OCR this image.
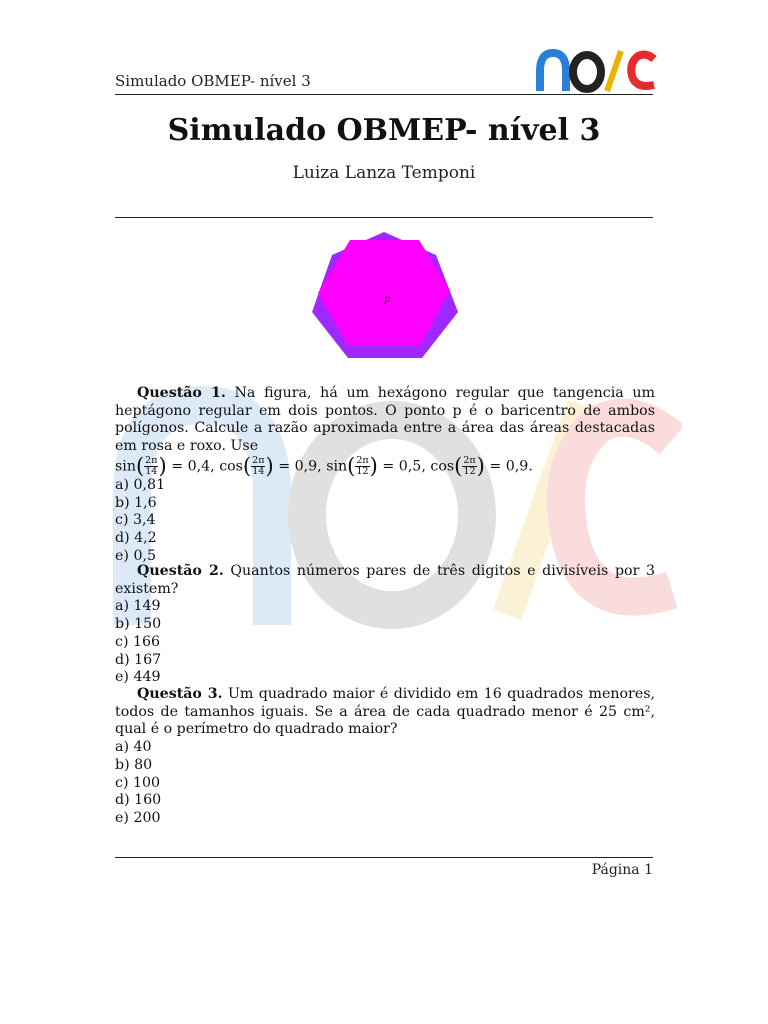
Simulado OBMEP- nível 3
Simulado OBMEP- nível 3
Luiza Lanza Temponi
p
Questão 1. Na figura, há um hexágono regular que tangencia um heptágono regular em dois pontos. O ponto p é o baricentro de ambos polígonos. Calcule a razão aproximada entre a área das áreas destacadas em rosa e roxo. Use
$\sin( \frac{2\pi}{14}$ ) = 0,4, $\cos( \frac{2\pi}{14}$ ) = 0,9, $\sin( \frac{2\pi}{12}$ ) = 0,5, $\cos( \frac{2\pi}{12}$ ) = 0,9.
a) 0,81
b) 1,6
c) 3,4
d) 4,2
e) 0,5
Questão 2. Quantos números pares de três digitos e divisíveis por 3 existem?
a) 149
b) 150
c) 166
d) 167
e) 449
Questão 3. Um quadrado maior é dividido em 16 quadrados menores, todos de tamanhos iguais. Se a área de cada quadrado menor é 25 cm², qual é o perímetro do quadrado maior?
a) 40
b) 80
c) 100
d) 160
e) 200
Página 1
